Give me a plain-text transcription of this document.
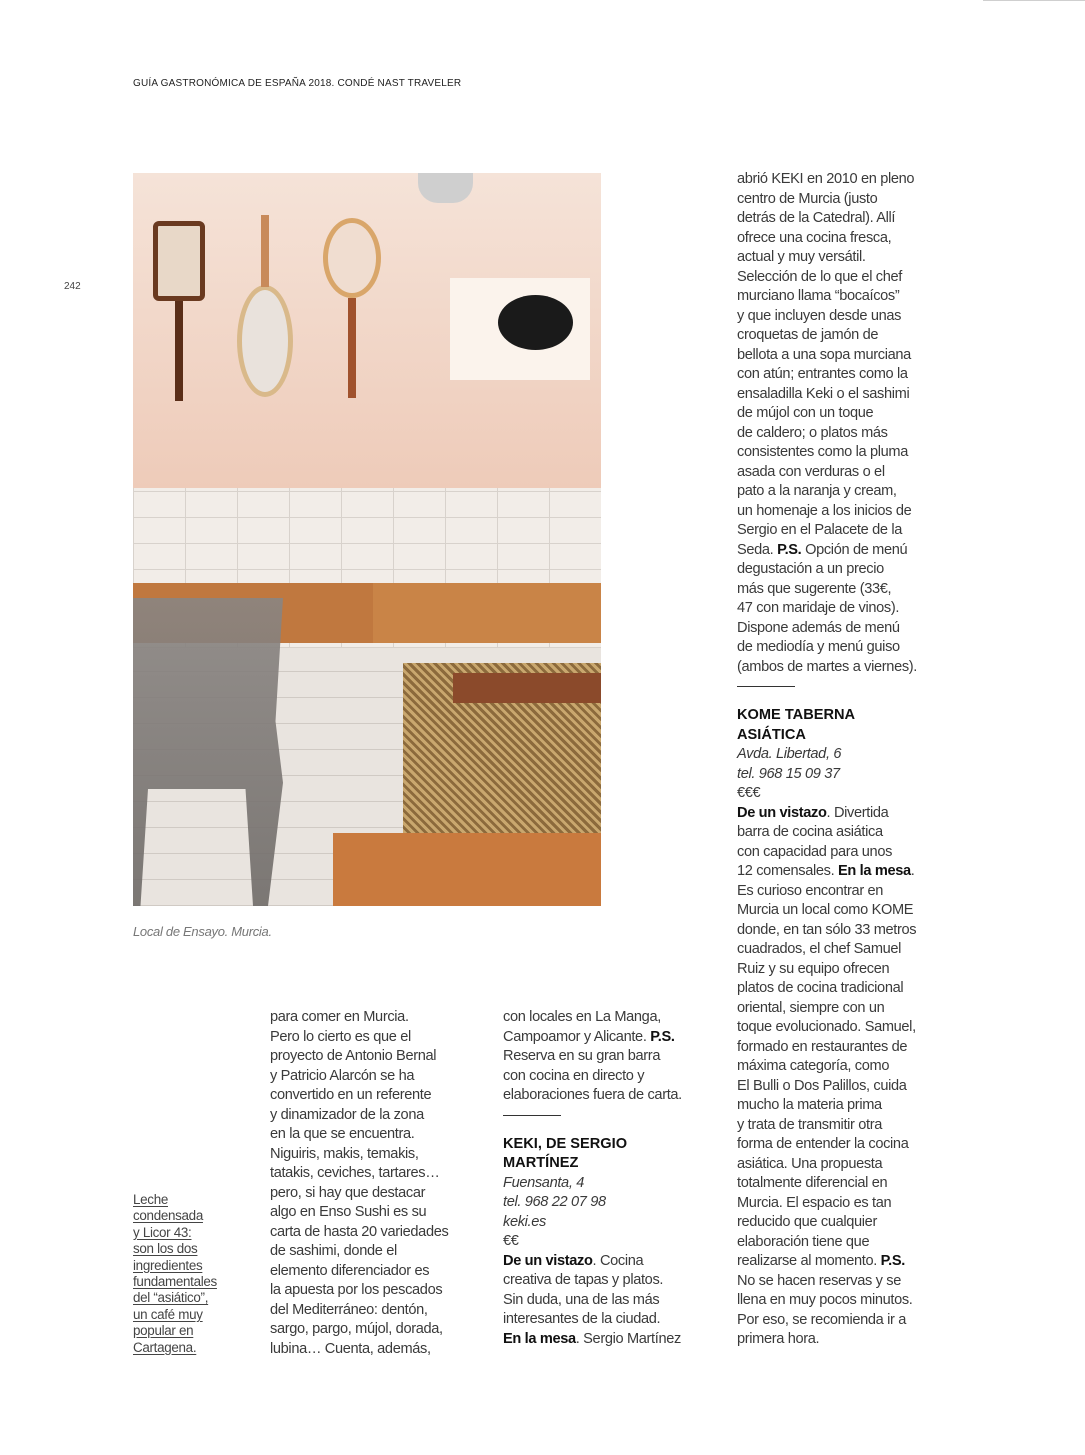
GUÍA GASTRONÓMICA DE ESPAÑA 2018. CONDÉ NAST TRAVELER
242
Local de Ensayo. Murcia.
Leche
condensada
y Licor 43:
son los dos
ingredientes
fundamentales
del “asiático”,
un café muy
popular en
Cartagena.
para comer en Murcia.
Pero lo cierto es que el
proyecto de Antonio Bernal
y Patricio Alarcón se ha
convertido en un referente
y dinamizador de la zona
en la que se encuentra.
Niguiris, makis, temakis,
tatakis, ceviches, tartares…
pero, si hay que destacar
algo en Enso Sushi es su
carta de hasta 20 variedades
de sashimi, donde el
elemento diferenciador es
la apuesta por los pescados
del Mediterráneo: dentón,
sargo, pargo, mújol, dorada,
lubina… Cuenta, además,
con locales en La Manga,
Campoamor y Alicante. P.S.
Reserva en su gran barra
con cocina en directo y
elaboraciones fuera de carta.
KEKI, DE SERGIO
MARTÍNEZ
Fuensanta, 4
tel. 968 22 07 98
keki.es
€€
De un vistazo. Cocina
creativa de tapas y platos.
Sin duda, una de las más
interesantes de la ciudad.
En la mesa. Sergio Martínez
abrió KEKI en 2010 en pleno
centro de Murcia (justo
detrás de la Catedral). Allí
ofrece una cocina fresca,
actual y muy versátil.
Selección de lo que el chef
murciano llama “bocaícos”
y que incluyen desde unas
croquetas de jamón de
bellota a una sopa murciana
con atún; entrantes como la
ensaladilla Keki o el sashimi
de mújol con un toque
de caldero; o platos más
consistentes como la pluma
asada con verduras o el
pato a la naranja y cream,
un homenaje a los inicios de
Sergio en el Palacete de la
Seda. P.S. Opción de menú
degustación a un precio
más que sugerente (33€,
47 con maridaje de vinos).
Dispone además de menú
de mediodía y menú guiso
(ambos de martes a viernes).
KOME TABERNA
ASIÁTICA
Avda. Libertad, 6
tel. 968 15 09 37
€€€
De un vistazo. Divertida
barra de cocina asiática
con capacidad para unos
12 comensales. En la mesa.
Es curioso encontrar en
Murcia un local como KOME
donde, en tan sólo 33 metros
cuadrados, el chef Samuel
Ruiz y su equipo ofrecen
platos de cocina tradicional
oriental, siempre con un
toque evolucionado. Samuel,
formado en restaurantes de
máxima categoría, como
El Bulli o Dos Palillos, cuida
mucho la materia prima
y trata de transmitir otra
forma de entender la cocina
asiática. Una propuesta
totalmente diferencial en
Murcia. El espacio es tan
reducido que cualquier
elaboración tiene que
realizarse al momento. P.S.
No se hacen reservas y se
llena en muy pocos minutos.
Por eso, se recomienda ir a
primera hora.
